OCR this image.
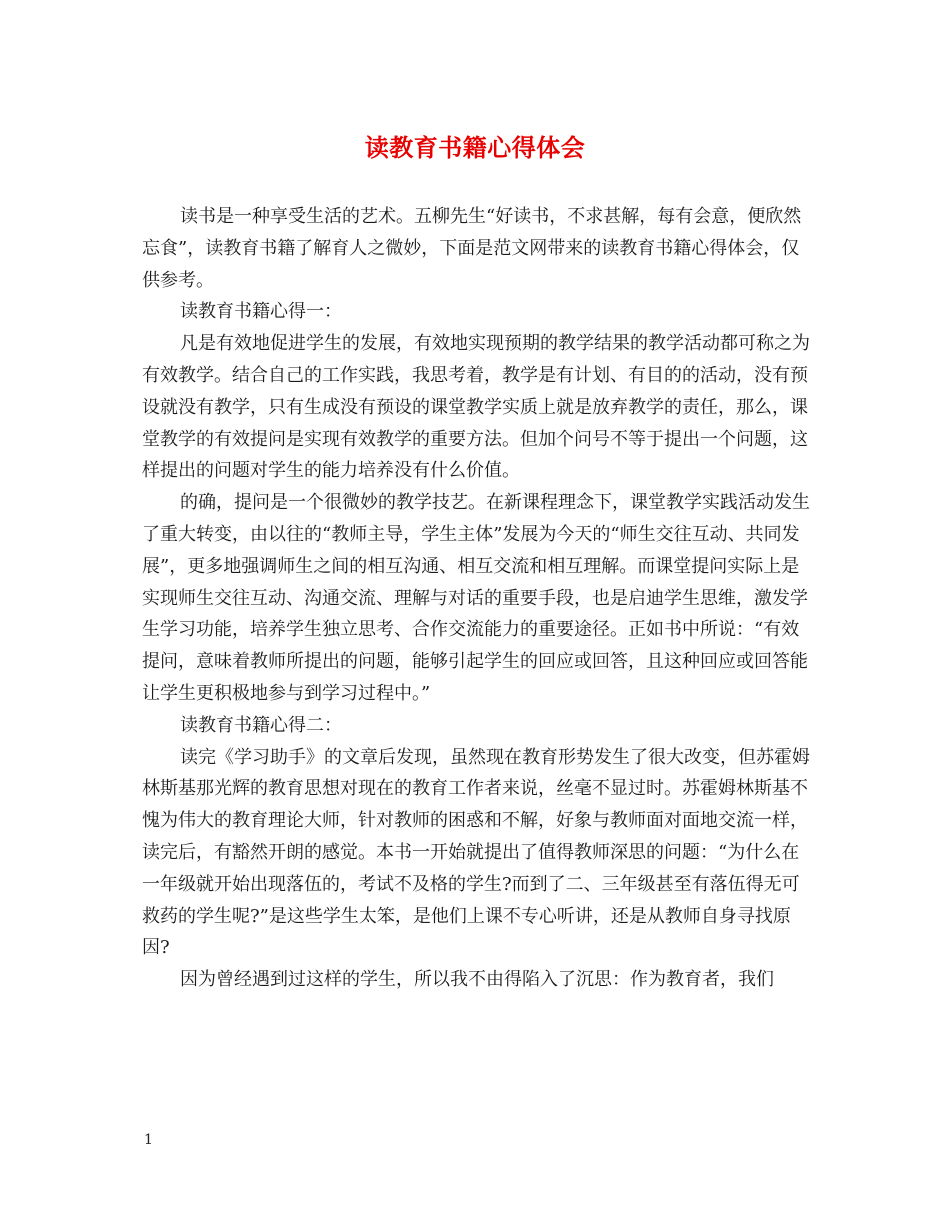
读教育书籍心得体会

读书是一种享受生活的艺术。五柳先生“好读书，不求甚解，每有会意，便欣然忘食”，读教育书籍了解育人之微妙，下面是范文网带来的读教育书籍心得体会，仅供参考。

读教育书籍心得一：

凡是有效地促进学生的发展，有效地实现预期的教学结果的教学活动都可称之为有效教学。结合自己的工作实践，我思考着，教学是有计划、有目的的活动，没有预设就没有教学，只有生成没有预设的课堂教学实质上就是放弃教学的责任，那么，课堂教学的有效提问是实现有效教学的重要方法。但加个问号不等于提出一个问题，这样提出的问题对学生的能力培养没有什么价值。

的确，提问是一个很微妙的教学技艺。在新课程理念下，课堂教学实践活动发生了重大转变，由以往的“教师主导，学生主体”发展为今天的“师生交往互动、共同发展”，更多地强调师生之间的相互沟通、相互交流和相互理解。而课堂提问实际上是实现师生交往互动、沟通交流、理解与对话的重要手段，也是启迪学生思维，激发学生学习功能，培养学生独立思考、合作交流能力的重要途径。正如书中所说：“有效提问，意味着教师所提出的问题，能够引起学生的回应或回答，且这种回应或回答能让学生更积极地参与到学习过程中。”

读教育书籍心得二：

读完《学习助手》的文章后发现，虽然现在教育形势发生了很大改变，但苏霍姆林斯基那光辉的教育思想对现在的教育工作者来说，丝毫不显过时。苏霍姆林斯基不愧为伟大的教育理论大师，针对教师的困惑和不解，好象与教师面对面地交流一样，读完后，有豁然开朗的感觉。本书一开始就提出了值得教师深思的问题：“为什么在一年级就开始出现落伍的，考试不及格的学生?而到了二、三年级甚至有落伍得无可救药的学生呢?”是这些学生太笨，是他们上课不专心听讲，还是从教师自身寻找原因?

因为曾经遇到过这样的学生，所以我不由得陷入了沉思：作为教育者，我们

1
